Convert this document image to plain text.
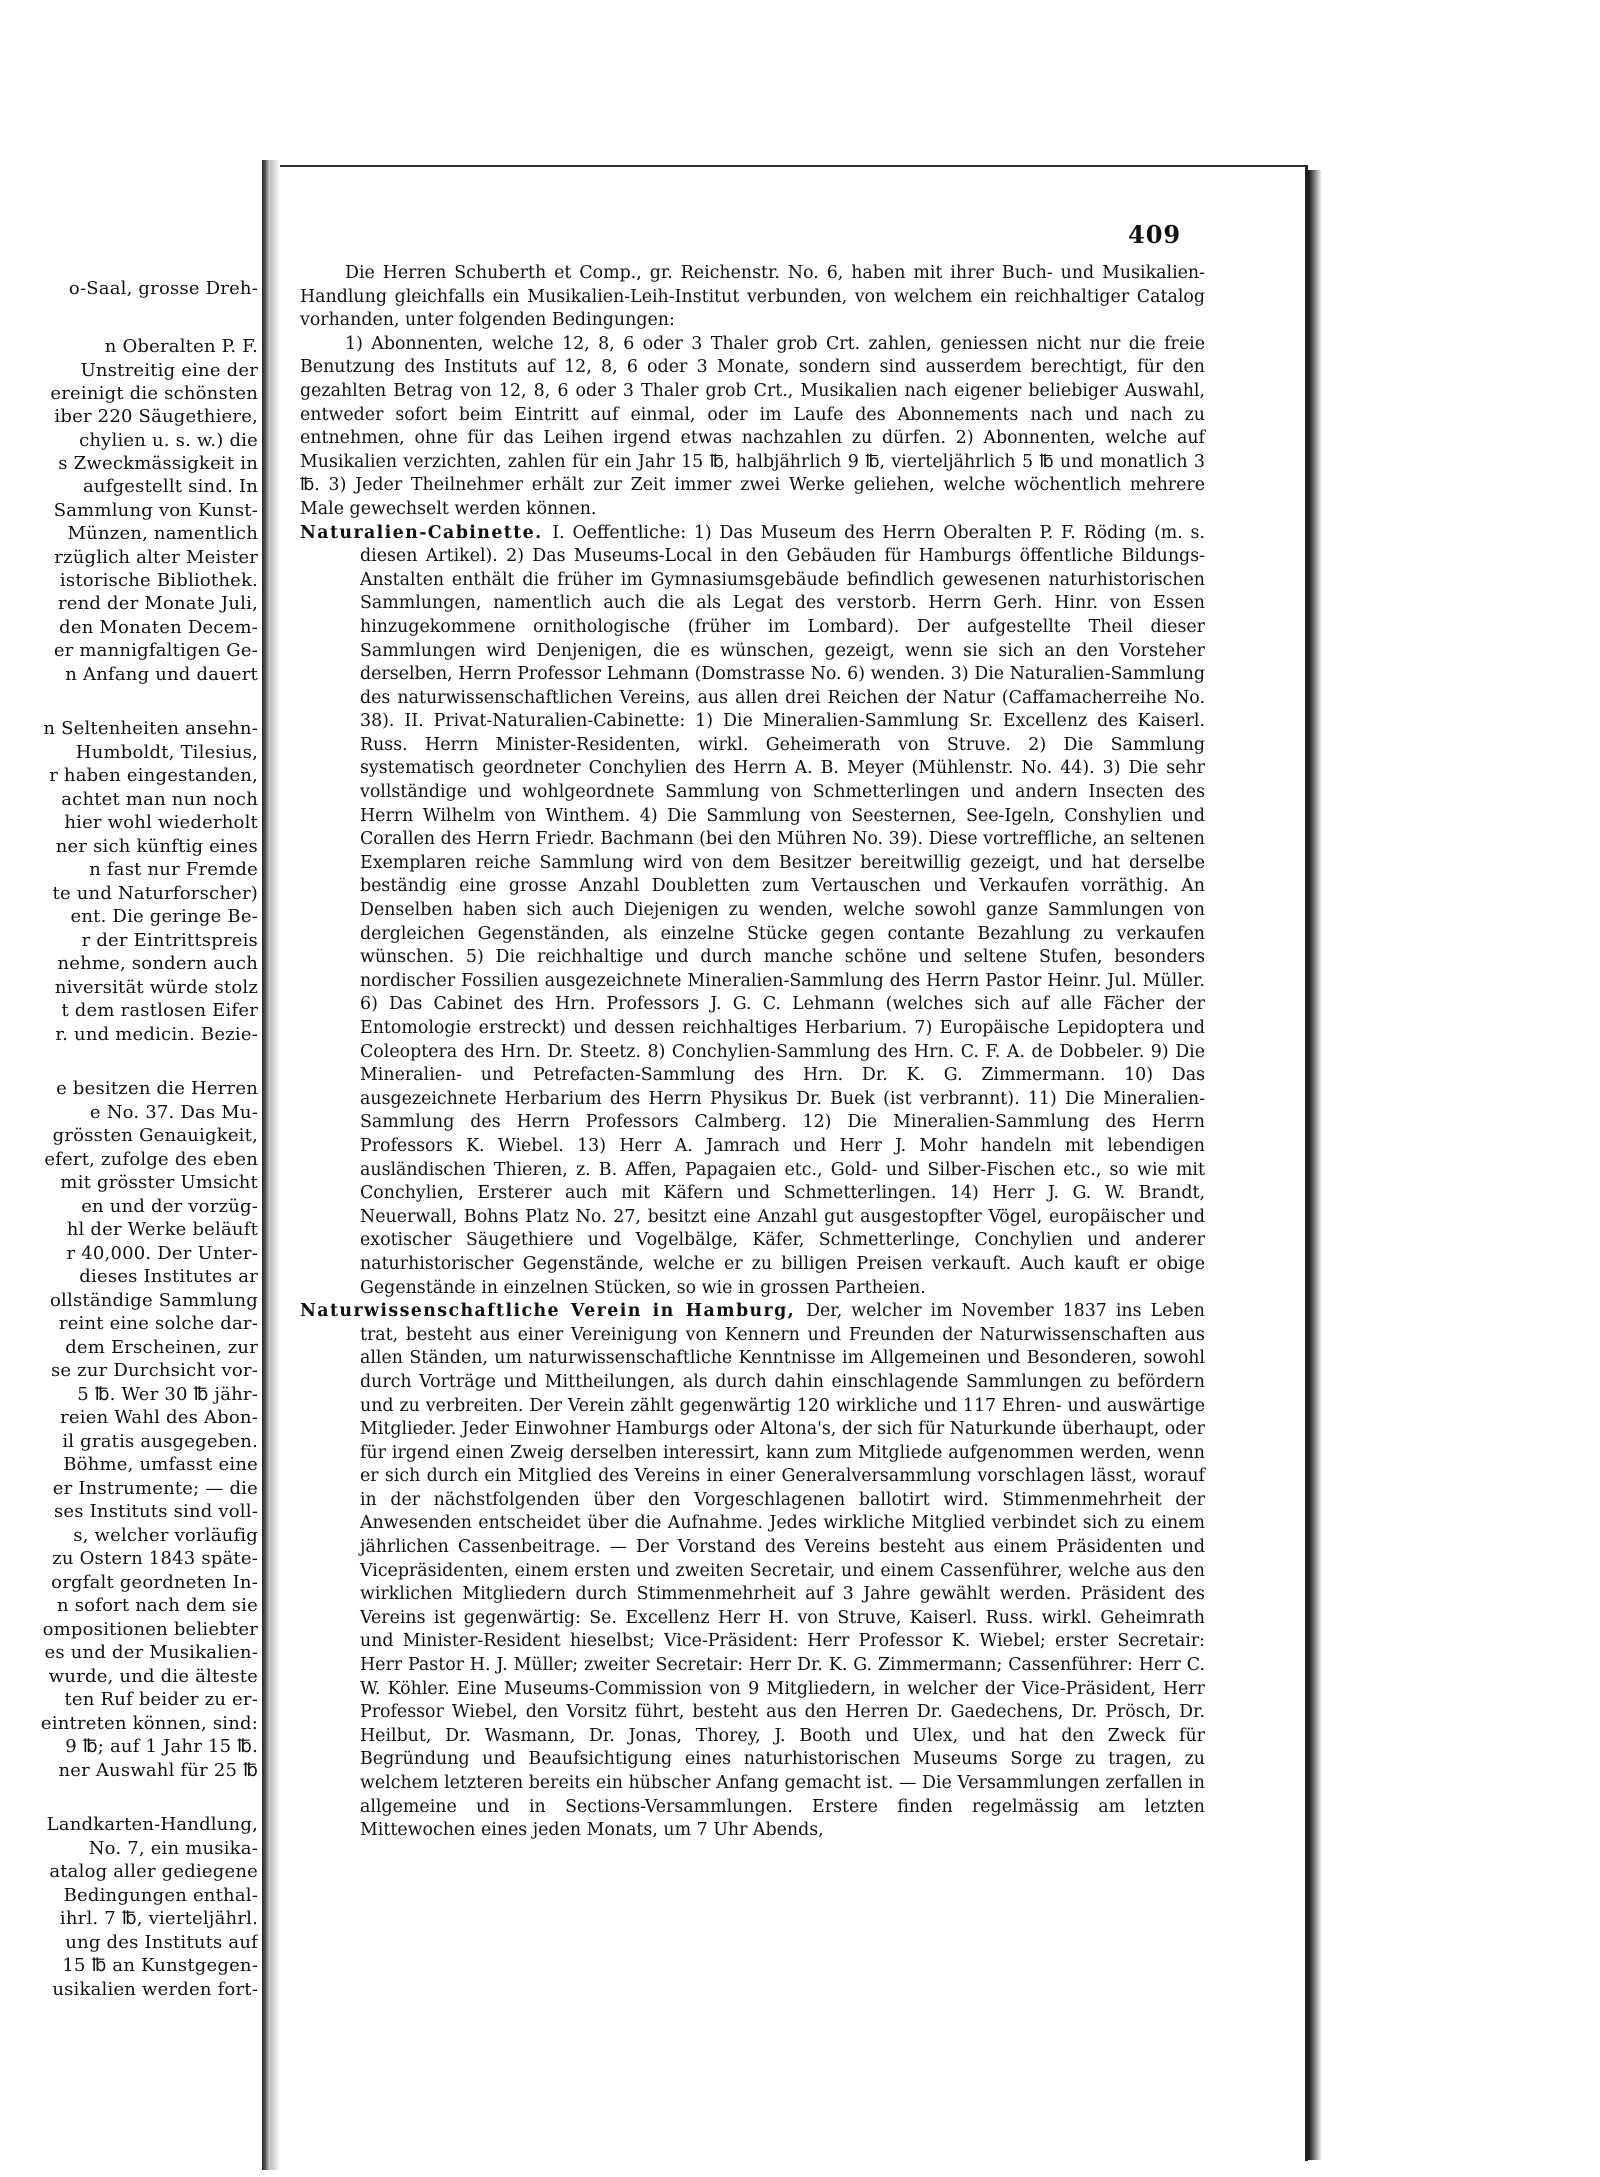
o-Saal, grosse Dreh-
n Oberalten P. F.
Unstreitig eine der
ereinigt die schönsten
iber 220 Säugethiere,
chylien u. s. w.) die
s Zweckmässigkeit in
aufgestellt sind. In
Sammlung von Kunst-
Münzen, namentlich
rzüglich alter Meister
istorische Bibliothek.
rend der Monate Juli,
den Monaten Decem-
er mannigfaltigen Ge-
n Anfang und dauert
n Seltenheiten ansehn-
Humboldt, Tilesius,
r haben eingestanden,
achtet man nun noch
hier wohl wiederholt
ner sich künftig eines
n fast nur Fremde
te und Naturforscher)
ent. Die geringe Be-
r der Eintrittspreis
nehme, sondern auch
niversität würde stolz
t dem rastlosen Eifer
r. und medicin. Bezie-
e besitzen die Herren
e No. 37. Das Mu-
grössten Genauigkeit,
efert, zufolge des eben
mit grösster Umsicht
en und der vorzüg-
hl der Werke beläuft
r 40,000. Der Unter-
dieses Institutes ar
ollständige Sammlung
reint eine solche dar-
dem Erscheinen, zur
se zur Durchsicht vor-
5 ℔. Wer 30 ℔ jähr-
reien Wahl des Abon-
il gratis ausgegeben.
Böhme, umfasst eine
er Instrumente; — die
ses Instituts sind voll-
s, welcher vorläufig
zu Ostern 1843 späte-
orgfalt geordneten In-
n sofort nach dem sie
ompositionen beliebter
es und der Musikalien-
wurde, und die älteste
ten Ruf beider zu er-
eintreten können, sind:
9 ℔; auf 1 Jahr 15 ℔.
ner Auswahl für 25 ℔
Landkarten-Handlung,
No. 7, ein musika-
atalog aller gediegene
Bedingungen enthal-
ihrl. 7 ℔, vierteljährl.
ung des Instituts auf
15 ℔ an Kunstgegen-
usikalien werden fort-
409

Die Herren Schuberth et Comp., gr. Reichenstr. No. 6, haben mit ihrer Buch- und Musikalien-Handlung gleichfalls ein Musikalien-Leih-Institut verbunden, von welchem ein reichhaltiger Catalog vorhanden, unter folgenden Bedingungen:

1) Abonnenten, welche 12, 8, 6 oder 3 Thaler grob Crt. zahlen, geniessen nicht nur die freie Benutzung des Instituts auf 12, 8, 6 oder 3 Monate, sondern sind ausserdem berechtigt, für den gezahlten Betrag von 12, 8, 6 oder 3 Thaler grob Crt., Musikalien nach eigener beliebiger Auswahl, entweder sofort beim Eintritt auf einmal, oder im Laufe des Abonnements nach und nach zu entnehmen, ohne für das Leihen irgend etwas nachzahlen zu dürfen. 2) Abonnenten, welche auf Musikalien verzichten, zahlen für ein Jahr 15 ℔, halbjährlich 9 ℔, vierteljährlich 5 ℔ und monatlich 3 ℔. 3) Jeder Theilnehmer erhält zur Zeit immer zwei Werke geliehen, welche wöchentlich mehrere Male gewechselt werden können.

Naturalien-Cabinette. I. Oeffentliche: 1) Das Museum des Herrn Oberalten P. F. Röding (m. s. diesen Artikel). 2) Das Museums-Local in den Gebäuden für Hamburgs öffentliche Bildungs-Anstalten enthält die früher im Gymnasiumsgebäude befindlich gewesenen naturhistorischen Sammlungen, namentlich auch die als Legat des verstorb. Herrn Gerh. Hinr. von Essen hinzugekommene ornithologische (früher im Lombard). Der aufgestellte Theil dieser Sammlungen wird Denjenigen, die es wünschen, gezeigt, wenn sie sich an den Vorsteher derselben, Herrn Professor Lehmann (Domstrasse No. 6) wenden. 3) Die Naturalien-Sammlung des naturwissenschaftlichen Vereins, aus allen drei Reichen der Natur (Caffamacherreihe No. 38). II. Privat-Naturalien-Cabinette: 1) Die Mineralien-Sammlung Sr. Excellenz des Kaiserl. Russ. Herrn Minister-Residenten, wirkl. Geheimerath von Struve. 2) Die Sammlung systematisch geordneter Conchylien des Herrn A. B. Meyer (Mühlenstr. No. 44). 3) Die sehr vollständige und wohlgeordnete Sammlung von Schmetterlingen und andern Insecten des Herrn Wilhelm von Winthem. 4) Die Sammlung von Seesternen, See-Igeln, Conshylien und Corallen des Herrn Friedr. Bachmann (bei den Mühren No. 39). Diese vortreffliche, an seltenen Exemplaren reiche Sammlung wird von dem Besitzer bereitwillig gezeigt, und hat derselbe beständig eine grosse Anzahl Doubletten zum Vertauschen und Verkaufen vorräthig. An Denselben haben sich auch Diejenigen zu wenden, welche sowohl ganze Sammlungen von dergleichen Gegenständen, als einzelne Stücke gegen contante Bezahlung zu verkaufen wünschen. 5) Die reichhaltige und durch manche schöne und seltene Stufen, besonders nordischer Fossilien ausgezeichnete Mineralien-Sammlung des Herrn Pastor Heinr. Jul. Müller. 6) Das Cabinet des Hrn. Professors J. G. C. Lehmann (welches sich auf alle Fächer der Entomologie erstreckt) und dessen reichhaltiges Herbarium. 7) Europäische Lepidoptera und Coleoptera des Hrn. Dr. Steetz. 8) Conchylien-Sammlung des Hrn. C. F. A. de Dobbeler. 9) Die Mineralien- und Petrefacten-Sammlung des Hrn. Dr. K. G. Zimmermann. 10) Das ausgezeichnete Herbarium des Herrn Physikus Dr. Buek (ist verbrannt). 11) Die Mineralien-Sammlung des Herrn Professors Calmberg. 12) Die Mineralien-Sammlung des Herrn Professors K. Wiebel. 13) Herr A. Jamrach und Herr J. Mohr handeln mit lebendigen ausländischen Thieren, z. B. Affen, Papagaien etc., Gold- und Silber-Fischen etc., so wie mit Conchylien, Ersterer auch mit Käfern und Schmetterlingen. 14) Herr J. G. W. Brandt, Neuerwall, Bohns Platz No. 27, besitzt eine Anzahl gut ausgestopfter Vögel, europäischer und exotischer Säugethiere und Vogelbälge, Käfer, Schmetterlinge, Conchylien und anderer naturhistorischer Gegenstände, welche er zu billigen Preisen verkauft. Auch kauft er obige Gegenstände in einzelnen Stücken, so wie in grossen Partheien.

Naturwissenschaftliche Verein in Hamburg, Der, welcher im November 1837 ins Leben trat, besteht aus einer Vereinigung von Kennern und Freunden der Naturwissenschaften aus allen Ständen, um naturwissenschaftliche Kenntnisse im Allgemeinen und Besonderen, sowohl durch Vorträge und Mittheilungen, als durch dahin einschlagende Sammlungen zu befördern und zu verbreiten. Der Verein zählt gegenwärtig 120 wirkliche und 117 Ehren- und auswärtige Mitglieder. Jeder Einwohner Hamburgs oder Altona's, der sich für Naturkunde überhaupt, oder für irgend einen Zweig derselben interessirt, kann zum Mitgliede aufgenommen werden, wenn er sich durch ein Mitglied des Vereins in einer Generalversammlung vorschlagen lässt, worauf in der nächstfolgenden über den Vorgeschlagenen ballotirt wird. Stimmenmehrheit der Anwesenden entscheidet über die Aufnahme. Jedes wirkliche Mitglied verbindet sich zu einem jährlichen Cassenbeitrage. — Der Vorstand des Vereins besteht aus einem Präsidenten und Vicepräsidenten, einem ersten und zweiten Secretair, und einem Cassenführer, welche aus den wirklichen Mitgliedern durch Stimmenmehrheit auf 3 Jahre gewählt werden. Präsident des Vereins ist gegenwärtig: Se. Excellenz Herr H. von Struve, Kaiserl. Russ. wirkl. Geheimrath und Minister-Resident hieselbst; Vice-Präsident: Herr Professor K. Wiebel; erster Secretair: Herr Pastor H. J. Müller; zweiter Secretair: Herr Dr. K. G. Zimmermann; Cassenführer: Herr C. W. Köhler. Eine Museums-Commission von 9 Mitgliedern, in welcher der Vice-Präsident, Herr Professor Wiebel, den Vorsitz führt, besteht aus den Herren Dr. Gaedechens, Dr. Prösch, Dr. Heilbut, Dr. Wasmann, Dr. Jonas, Thorey, J. Booth und Ulex, und hat den Zweck für Begründung und Beaufsichtigung eines naturhistorischen Museums Sorge zu tragen, zu welchem letzteren bereits ein hübscher Anfang gemacht ist. — Die Versammlungen zerfallen in allgemeine und in Sections-Versammlungen. Erstere finden regelmässig am letzten Mittewochen eines jeden Monats, um 7 Uhr Abends,
